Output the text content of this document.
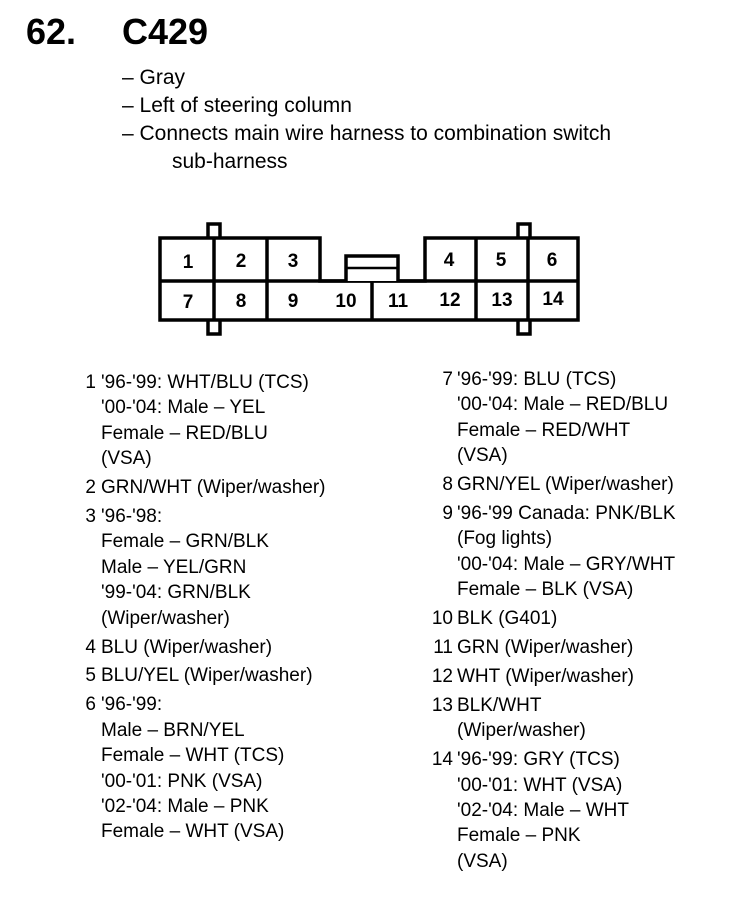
62. C429
– Gray
– Left of steering column
– Connects main wire harness to combination switch
sub-harness
1 2 3	4 5 6
7 8 9 10 11 12 13 14
1 '96-'99: WHT/BLU (TCS)
'00-'04: Male – YEL
Female – RED/BLU
(VSA)
2 GRN/WHT (Wiper/washer)
3 '96-'98:
Female – GRN/BLK
Male – YEL/GRN
'99-'04: GRN/BLK
(Wiper/washer)
4 BLU (Wiper/washer)
5 BLU/YEL (Wiper/washer)
6 '96-'99:
Male – BRN/YEL
Female – WHT (TCS)
'00-'01: PNK (VSA)
'02-'04: Male – PNK
Female – WHT (VSA)
7 '96-'99: BLU (TCS)
'00-'04: Male – RED/BLU
Female – RED/WHT
(VSA)
8 GRN/YEL (Wiper/washer)
9 '96-'99 Canada: PNK/BLK
(Fog lights)
'00-'04: Male – GRY/WHT
Female – BLK (VSA)
10 BLK (G401)
11 GRN (Wiper/washer)
12 WHT (Wiper/washer)
13 BLK/WHT
(Wiper/washer)
14 '96-'99: GRY (TCS)
'00-'01: WHT (VSA)
'02-'04: Male – WHT
Female – PNK
(VSA)
